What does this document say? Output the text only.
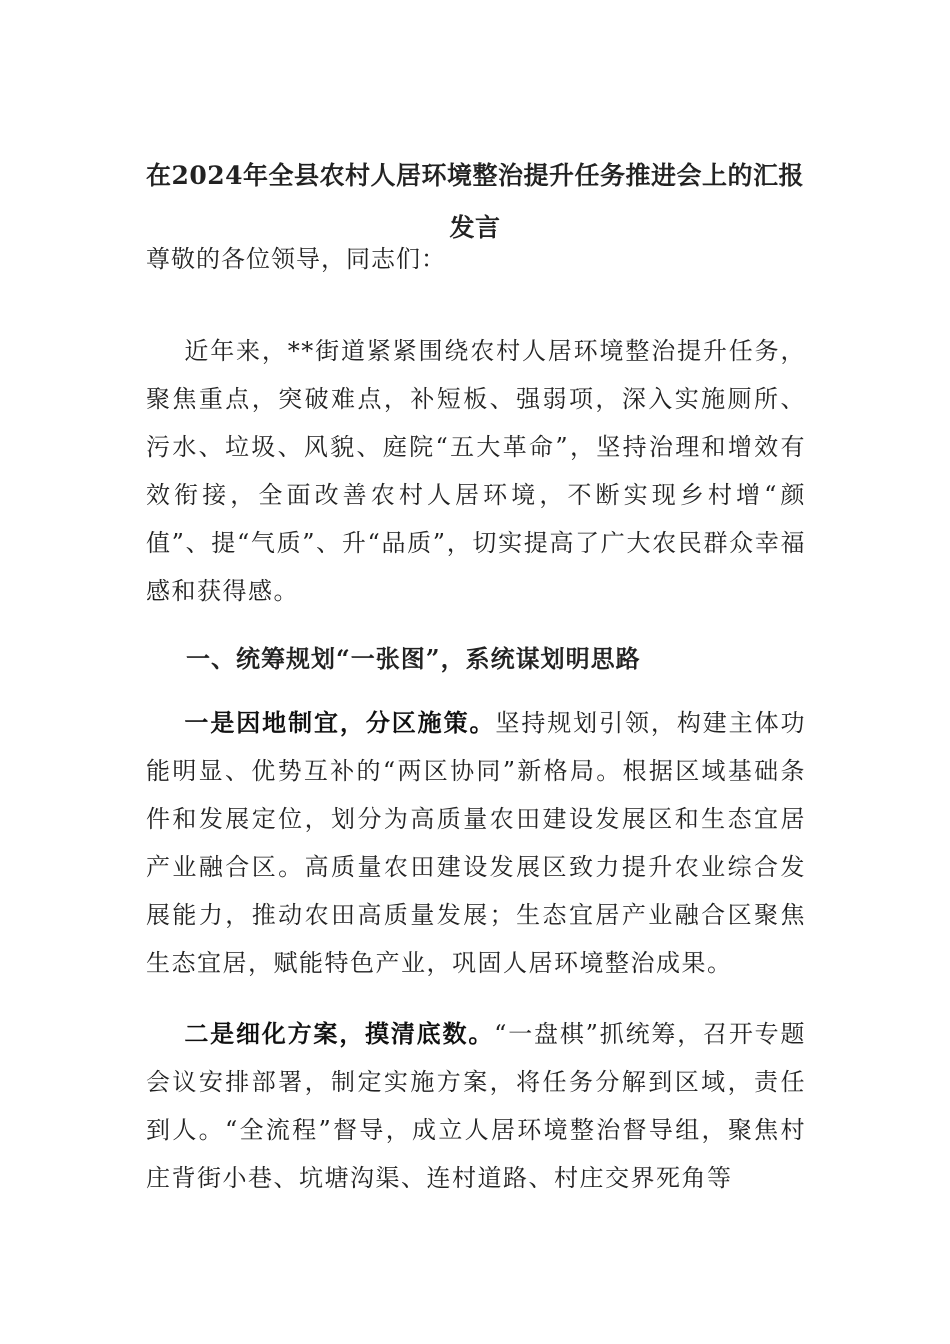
在2024年全县农村人居环境整治提升任务推进会上的汇报
发言
尊敬的各位领导，同志们：
近年来，**街道紧紧围绕农村人居环境整治提升任务，聚焦重点，突破难点，补短板、强弱项，深入实施厕所、污水、垃圾、风貌、庭院“五大革命”，坚持治理和增效有效衔接，全面改善农村人居环境，不断实现乡村增“颜值”、提“气质”、升“品质”，切实提高了广大农民群众幸福感和获得感。
一、统筹规划“一张图”，系统谋划明思路
一是因地制宜，分区施策。坚持规划引领，构建主体功能明显、优势互补的“两区协同”新格局。根据区域基础条件和发展定位，划分为高质量农田建设发展区和生态宜居产业融合区。高质量农田建设发展区致力提升农业综合发展能力，推动农田高质量发展；生态宜居产业融合区聚焦生态宜居，赋能特色产业，巩固人居环境整治成果。
二是细化方案，摸清底数。“一盘棋”抓统筹，召开专题会议安排部署，制定实施方案，将任务分解到区域，责任到人。“全流程”督导，成立人居环境整治督导组，聚焦村庄背街小巷、坑塘沟渠、连村道路、村庄交界死角等
